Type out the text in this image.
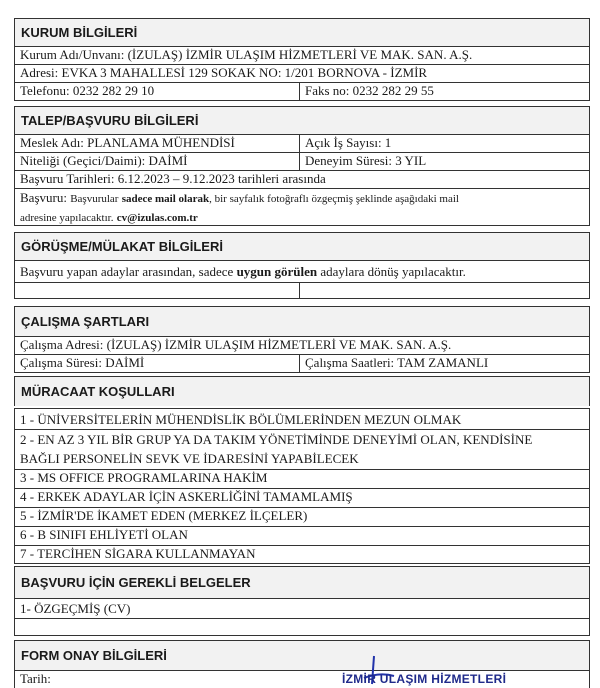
KURUM BİLGİLERİ
Kurum Adı/Unvanı: (İZULAŞ) İZMİR ULAŞIM HİZMETLERİ VE MAK. SAN. A.Ş.
Adresi: EVKA 3 MAHALLESİ 129 SOKAK NO: 1/201 BORNOVA - İZMİR
Telefonu: 0232 282 29 10	Faks no: 0232 282 29 55
TALEP/BAŞVURU BİLGİLERİ
Meslek Adı: PLANLAMA MÜHENDİSİ	Açık İş Sayısı: 1
Niteliği (Geçici/Daimi): DAİMİ	Deneyim Süresi: 3 YIL
Başvuru Tarihleri: 6.12.2023 – 9.12.2023 tarihleri arasında
Başvuru: Başvurular sadece mail olarak, bir sayfalık fotoğraflı özgeçmiş şeklinde aşağıdaki mail
adresine yapılacaktır. cv@izulas.com.tr
GÖRÜŞME/MÜLAKAT BİLGİLERİ
Başvuru yapan adaylar arasından, sadece uygun görülen adaylara dönüş yapılacaktır.
ÇALIŞMA ŞARTLARI
Çalışma Adresi: (İZULAŞ) İZMİR ULAŞIM HİZMETLERİ VE MAK. SAN. A.Ş.
Çalışma Süresi: DAİMİ	Çalışma Saatleri: TAM ZAMANLI
MÜRACAAT KOŞULLARI
1 - ÜNİVERSİTELERİN MÜHENDİSLİK BÖLÜMLERİNDEN MEZUN OLMAK
2 - EN AZ 3 YIL BİR GRUP YA DA TAKIM YÖNETİMİNDE DENEYİMİ OLAN, KENDİSİNE
BAĞLI PERSONELİN SEVK VE İDARESİNİ YAPABİLECEK
3 - MS OFFICE PROGRAMLARINA HAKİM
4 - ERKEK ADAYLAR İÇİN ASKERLİĞİNİ TAMAMLAMIŞ
5 - İZMİR'DE İKAMET EDEN (MERKEZ İLÇELER)
6 - B SINIFI EHLİYETİ OLAN
7 - TERCİHEN SİGARA KULLANMAYAN
BAŞVURU İÇİN GEREKLİ BELGELER
1- ÖZGEÇMİŞ (CV)
FORM ONAY BİLGİLERİ
Tarih:	İZMİR ULAŞIM HİZMETLERİ
